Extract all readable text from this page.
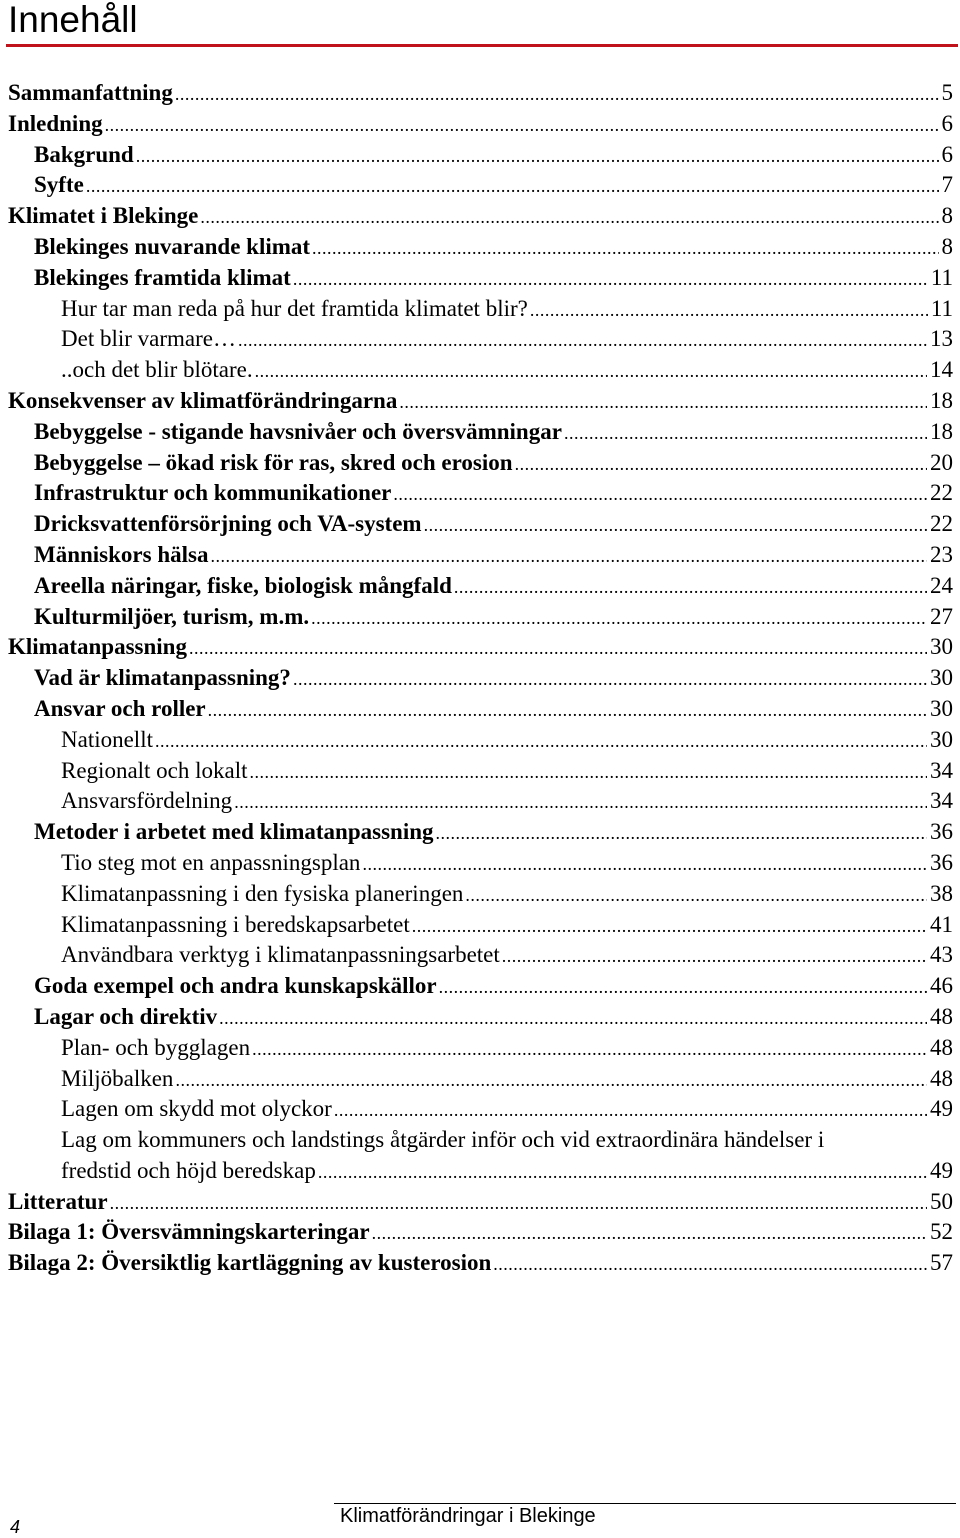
Innehåll
Sammanfattning .....	5
Inledning .....	6
Bakgrund .....	6
Syfte .....	7
Klimatet i Blekinge .....	8
Blekinges nuvarande klimat .....	8
Blekinges framtida klimat .....	11
Hur tar man reda på hur det framtida klimatet blir? .....	11
Det blir varmare… .....	13
..och det blir blötare. .....	14
Konsekvenser av klimatförändringarna .....	18
Bebyggelse - stigande havsnivåer och översvämningar .....	18
Bebyggelse – ökad risk för ras, skred och erosion .....	20
Infrastruktur och kommunikationer .....	22
Dricksvattenförsörjning och VA-system .....	22
Människors hälsa .....	23
Areella näringar, fiske, biologisk mångfald .....	24
Kulturmiljöer, turism, m.m. .....	27
Klimatanpassning .....	30
Vad är klimatanpassning? .....	30
Ansvar och roller .....	30
Nationellt .....	30
Regionalt och lokalt .....	34
Ansvarsfördelning .....	34
Metoder i arbetet med klimatanpassning .....	36
Tio steg mot en anpassningsplan .....	36
Klimatanpassning i den fysiska planeringen .....	38
Klimatanpassning i beredskapsarbetet .....	41
Användbara verktyg i klimatanpassningsarbetet .....	43
Goda exempel och andra kunskapskällor .....	46
Lagar och direktiv .....	48
Plan- och bygglagen .....	48
Miljöbalken .....	48
Lagen om skydd mot olyckor .....	49
Lag om kommuners och landstings åtgärder inför och vid extraordinära händelser i
fredstid och höjd beredskap .....	49
Litteratur .....	50
Bilaga 1: Översvämningskarteringar .....	52
Bilaga 2: Översiktlig kartläggning av kusterosion .....	57
4	Klimatförändringar i Blekinge
